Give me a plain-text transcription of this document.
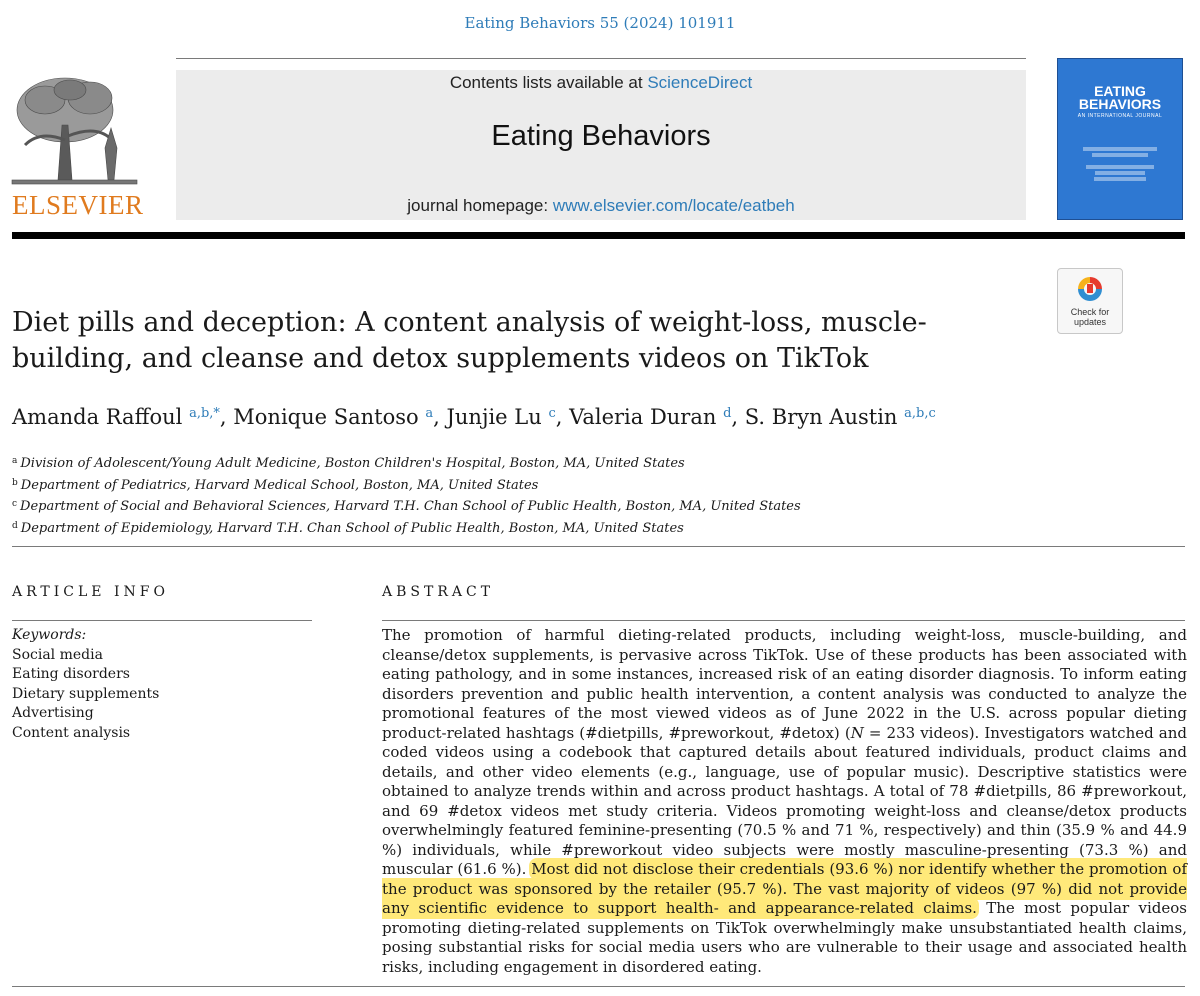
Eating Behaviors 55 (2024) 101911
ELSEVIER
Contents lists available at ScienceDirect
Eating Behaviors
journal homepage: www.elsevier.com/locate/eatbeh
EATING
BEHAVIORS
AN INTERNATIONAL JOURNAL
Check for
updates
Diet pills and deception: A content analysis of weight-loss, muscle-building, and cleanse and detox supplements videos on TikTok
Amanda Raffoul $^{a,b,*}$, Monique Santoso $^a$, Junjie Lu $^c$, Valeria Duran $^d$, S. Bryn Austin $^{a,b,c}$
$^a$ Division of Adolescent/Young Adult Medicine, Boston Children's Hospital, Boston, MA, United States
$^b$ Department of Pediatrics, Harvard Medical School, Boston, MA, United States
$^c$ Department of Social and Behavioral Sciences, Harvard T.H. Chan School of Public Health, Boston, MA, United States
$^d$ Department of Epidemiology, Harvard T.H. Chan School of Public Health, Boston, MA, United States
ARTICLE INFO	ABSTRACT
Keywords:
Social media
Eating disorders
Dietary supplements
Advertising
Content analysis

The promotion of harmful dieting-related products, including weight-loss, muscle-building, and cleanse/detox supplements, is pervasive across TikTok. Use of these products has been associated with eating pathology, and in some instances, increased risk of an eating disorder diagnosis. To inform eating disorders prevention and public health intervention, a content analysis was conducted to analyze the promotional features of the most viewed videos as of June 2022 in the U.S. across popular dieting product-related hashtags (#dietpills, #preworkout, #detox) (N = 233 videos). Investigators watched and coded videos using a codebook that captured details about featured individuals, product claims and details, and other video elements (e.g., language, use of popular music). Descriptive statistics were obtained to analyze trends within and across product hashtags. A total of 78 #dietpills, 86 #preworkout, and 69 #detox videos met study criteria. Videos promoting weight-loss and cleanse/detox products overwhelmingly featured feminine-presenting (70.5 % and 71 %, respectively) and thin (35.9 % and 44.9 %) individuals, while #preworkout video subjects were mostly masculine-presenting (73.3 %) and muscular (61.6 %). Most did not disclose their credentials (93.6 %) nor identify whether the promotion of the product was sponsored by the retailer (95.7 %). The vast majority of videos (97 %) did not provide any scientific evidence to support health- and appearance-related claims. The most popular videos promoting dieting-related supplements on TikTok overwhelmingly make unsubstantiated health claims, posing substantial risks for social media users who are vulnerable to their usage and associated health risks, including engagement in disordered eating.
